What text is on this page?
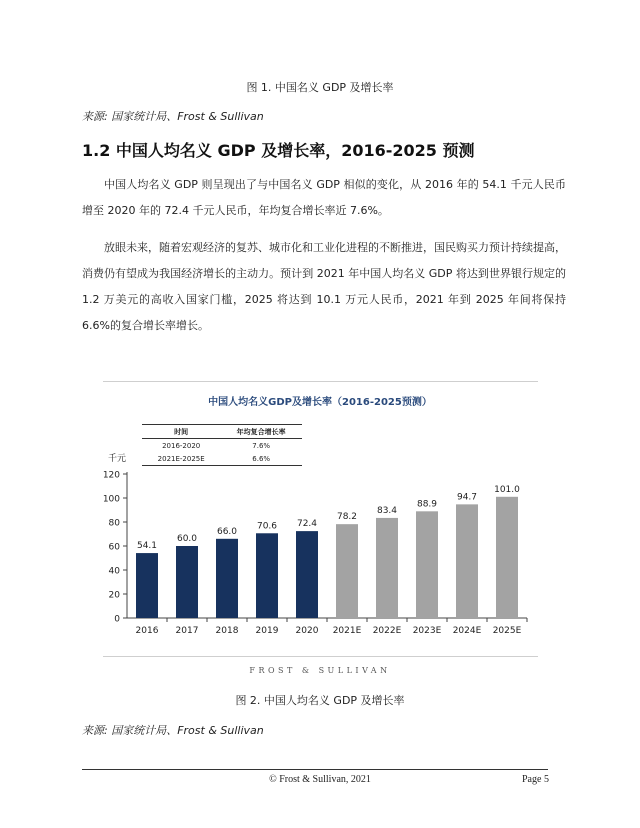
图 1. 中国名义 GDP 及增长率
来源: 国家统计局、Frost & Sullivan
1.2 中国人均名义 GDP 及增长率，2016-2025 预测

中国人均名义 GDP 则呈现出了与中国名义 GDP 相似的变化，从 2016 年的 54.1 千元人民币增至 2020 年的 72.4 千元人民币，年均复合增长率近 7.6%。

放眼未来，随着宏观经济的复苏、城市化和工业化进程的不断推进，国民购买力预计持续提高，消费仍有望成为我国经济增长的主动力。预计到 2021 年中国人均名义 GDP 将达到世界银行规定的 1.2 万美元的高收入国家门槛，2025 将达到 10.1 万元人民币，2021 年到 2025 年间将保持 6.6%的复合增长率增长。

中国人均名义GDP及增长率（2016-2025预测）
时间	年均复合增长率
2016-2020	7.6%
2021E-2025E	6.6%
千元
0
20
40
60
80
100
120
54.1
2016
60.0
2017
66.0
2018
70.6
2019
72.4
2020
78.2
2021E
83.4
2022E
88.9
2023E
94.7
2024E
101.0
2025E
FROST & SULLIVAN
图 2. 中国人均名义 GDP 及增长率
来源: 国家统计局、Frost & Sullivan
© Frost & Sullivan, 2021	Page 5
